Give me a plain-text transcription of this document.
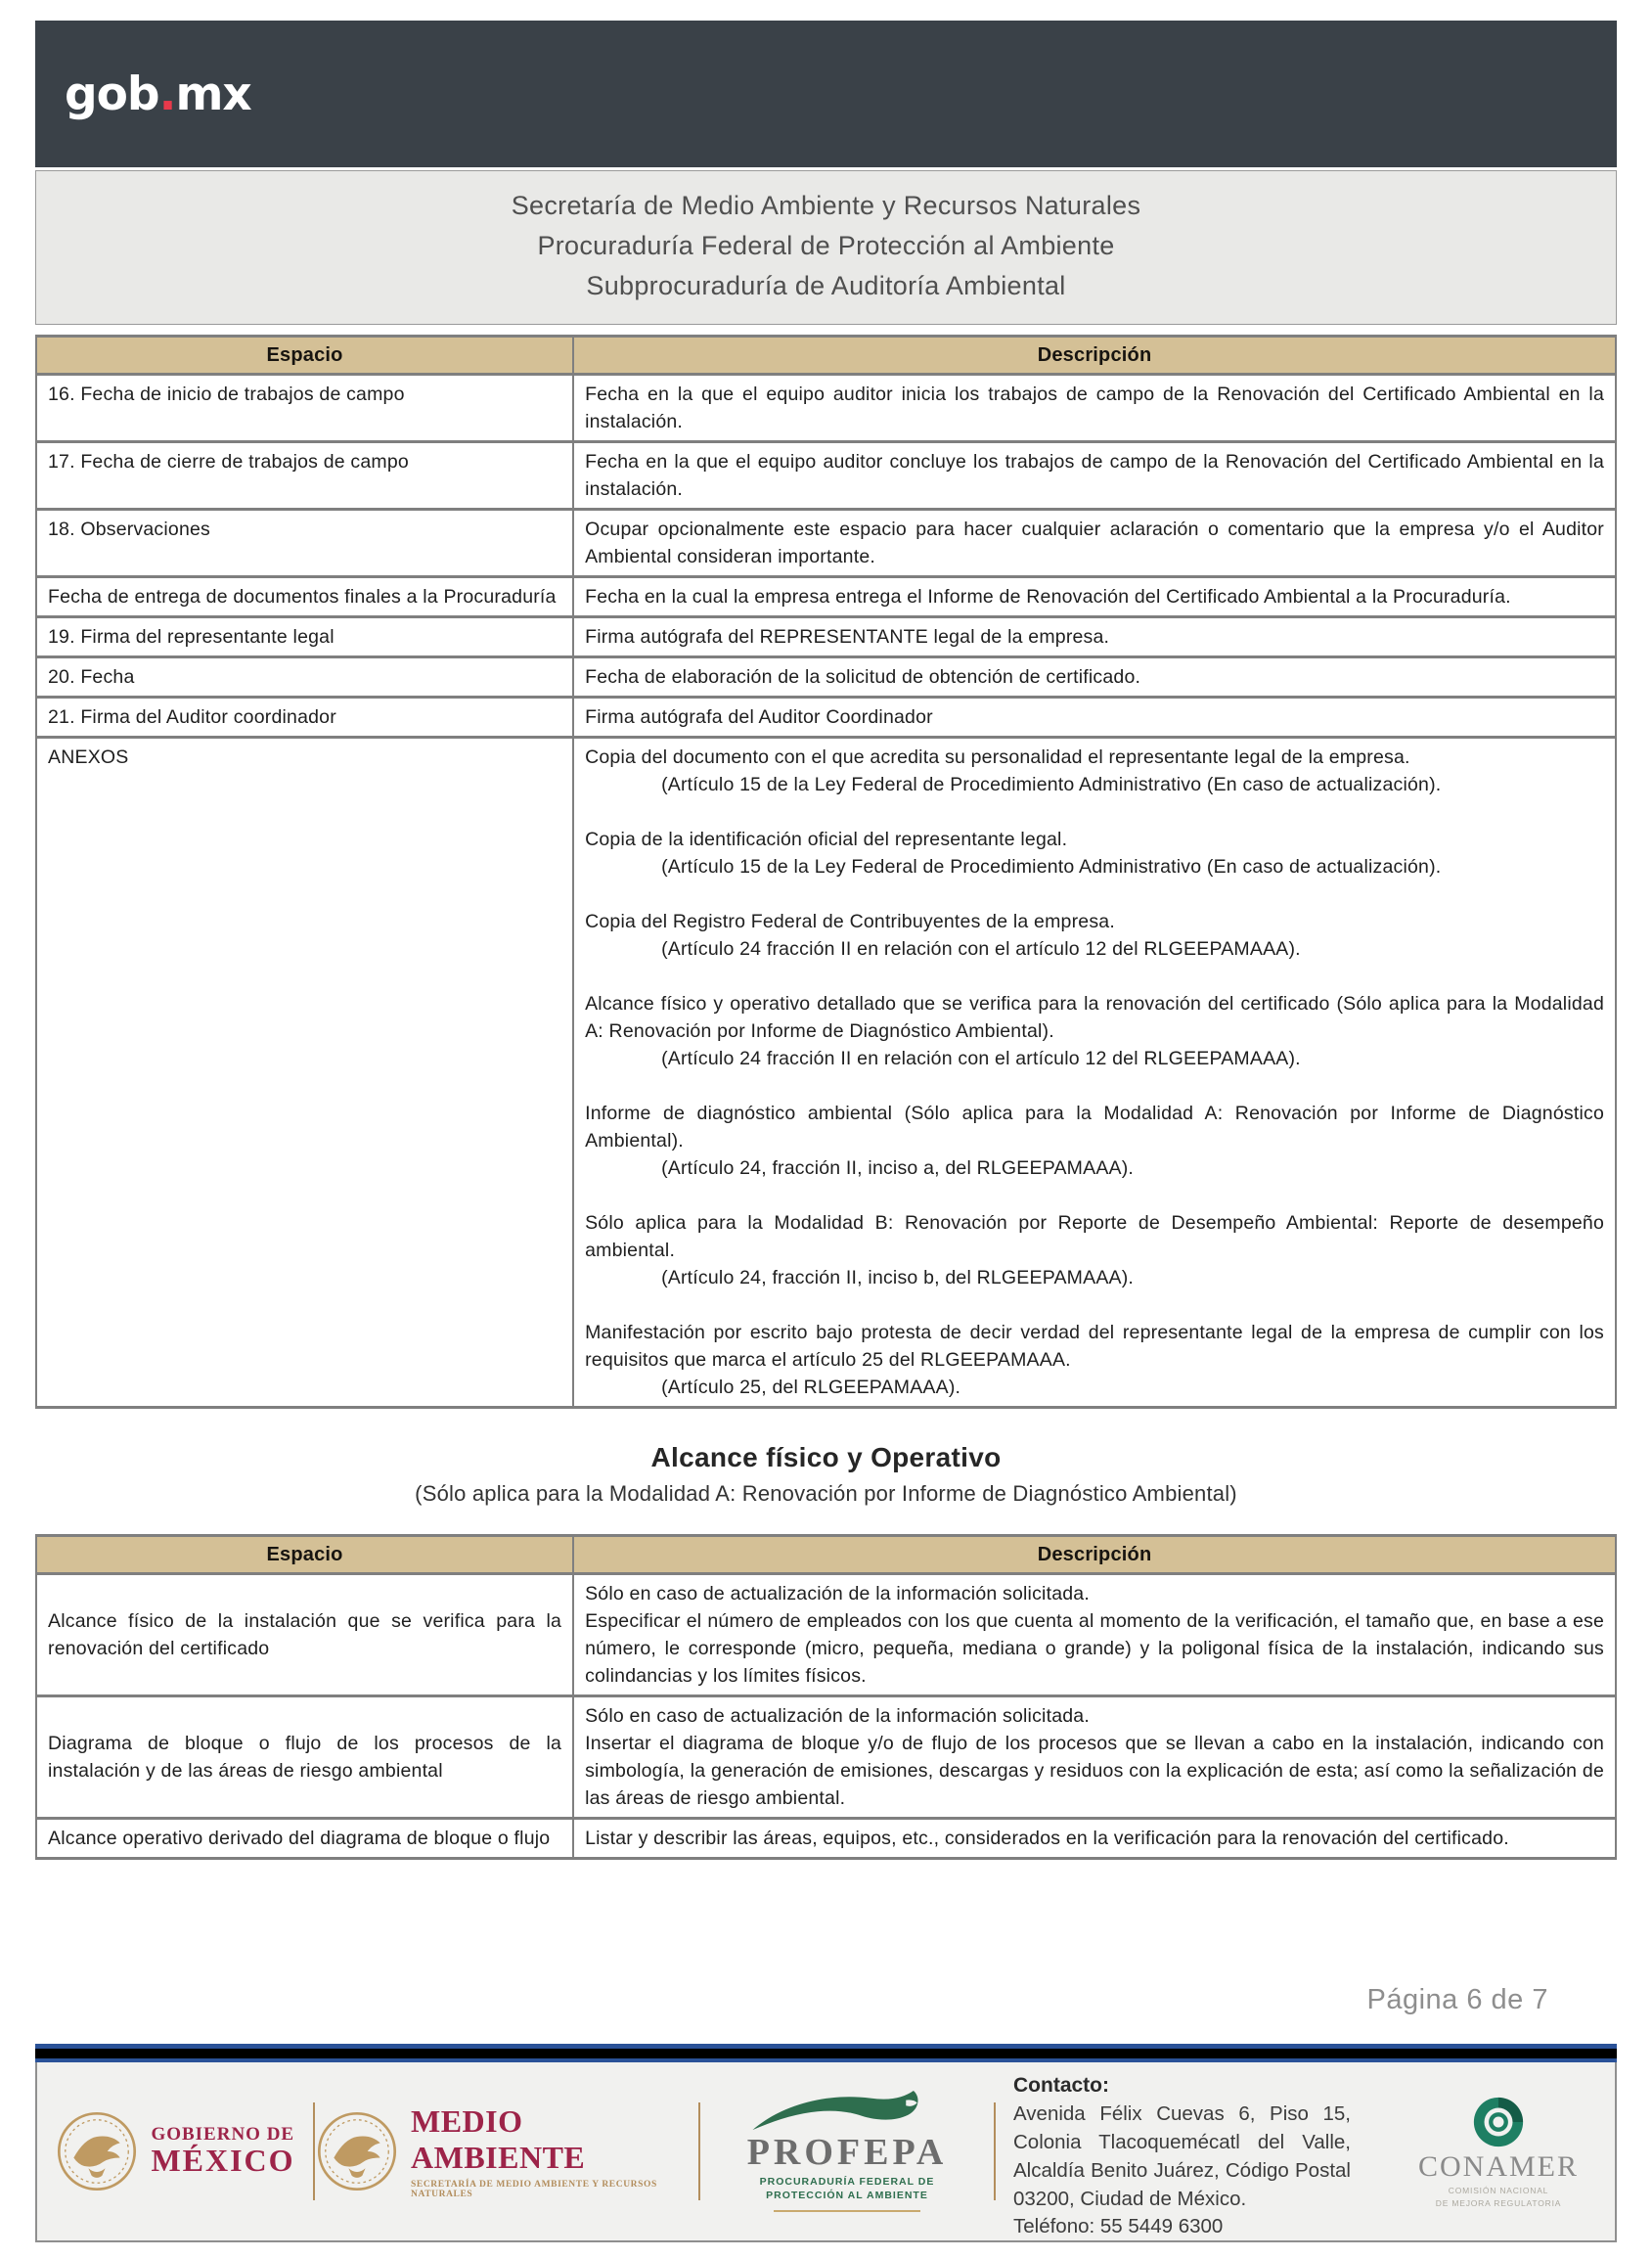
gob.mx
Secretaría de Medio Ambiente y Recursos Naturales
Procuraduría Federal de Protección al Ambiente
Subprocuraduría de Auditoría Ambiental
Espacio	Descripción
16. Fecha de inicio de trabajos de campo	Fecha en la que el equipo auditor inicia los trabajos de campo de la Renovación del Certificado Ambiental en la instalación.
17. Fecha de cierre de trabajos de campo	Fecha en la que el equipo auditor concluye los trabajos de campo de la Renovación del Certificado Ambiental en la instalación.
18. Observaciones	Ocupar opcionalmente este espacio para hacer cualquier aclaración o comentario que la empresa y/o el Auditor Ambiental consideran importante.
Fecha de entrega de documentos finales a la Procuraduría	Fecha en la cual la empresa entrega el Informe de Renovación del Certificado Ambiental a la Procuraduría.
19. Firma del representante legal	Firma autógrafa del REPRESENTANTE legal de la empresa.
20. Fecha	Fecha de elaboración de la solicitud de obtención de certificado.
21. Firma del Auditor coordinador	Firma autógrafa del Auditor Coordinador
ANEXOS	Copia del documento con el que acredita su personalidad el representante legal de la empresa.
(Artículo 15 de la Ley Federal de Procedimiento Administrativo (En caso de actualización).
Copia de la identificación oficial del representante legal.
(Artículo 15 de la Ley Federal de Procedimiento Administrativo (En caso de actualización).
Copia del Registro Federal de Contribuyentes de la empresa.
(Artículo 24 fracción II en relación con el artículo 12 del RLGEEPAMAAA).
Alcance físico y operativo detallado que se verifica para la renovación del certificado (Sólo aplica para la Modalidad A: Renovación por Informe de Diagnóstico Ambiental).
(Artículo 24 fracción II en relación con el artículo 12 del RLGEEPAMAAA).
Informe de diagnóstico ambiental (Sólo aplica para la Modalidad A: Renovación por Informe de Diagnóstico Ambiental).
(Artículo 24, fracción II, inciso a, del RLGEEPAMAAA).
Sólo aplica para la Modalidad B: Renovación por Reporte de Desempeño Ambiental: Reporte de desempeño ambiental.
(Artículo 24, fracción II, inciso b, del RLGEEPAMAAA).
Manifestación por escrito bajo protesta de decir verdad del representante legal de la empresa de cumplir con los requisitos que marca el artículo 25 del RLGEEPAMAAA.
(Artículo 25, del RLGEEPAMAAA).
Alcance físico y Operativo
(Sólo aplica para la Modalidad A: Renovación por Informe de Diagnóstico Ambiental)
Espacio	Descripción
Alcance físico de la instalación que se verifica para la renovación del certificado	Sólo en caso de actualización de la información solicitada.
Especificar el número de empleados con los que cuenta al momento de la verificación, el tamaño que, en base a ese número, le corresponde (micro, pequeña, mediana o grande) y la poligonal física de la instalación, indicando sus colindancias y los límites físicos.

Diagrama de bloque o flujo de los procesos de la instalación y de las áreas de riesgo ambiental	Sólo en caso de actualización de la información solicitada.
Insertar el diagrama de bloque y/o de flujo de los procesos que se llevan a cabo en la instalación, indicando con simbología, la generación de emisiones, descargas y residuos con la explicación de esta; así como la señalización de las áreas de riesgo ambiental.

Alcance operativo derivado del diagrama de bloque o flujo	Listar y describir las áreas, equipos, etc., considerados en la verificación para la renovación del certificado.
Página 6 de 7
GOBIERNO DE
MÉXICO
MEDIO AMBIENTE
SECRETARÍA DE MEDIO AMBIENTE Y RECURSOS NATURALES
PROFEPA
PROCURADURÍA FEDERAL DE
PROTECCIÓN AL AMBIENTE
Contacto:
Avenida Félix Cuevas 6, Piso 15, Colonia Tlacoquemécatl del Valle, Alcaldía Benito Juárez, Código Postal 03200, Ciudad de México.
Teléfono: 55 5449 6300
CONAMER
COMISIÓN NACIONAL
DE MEJORA REGULATORIA
